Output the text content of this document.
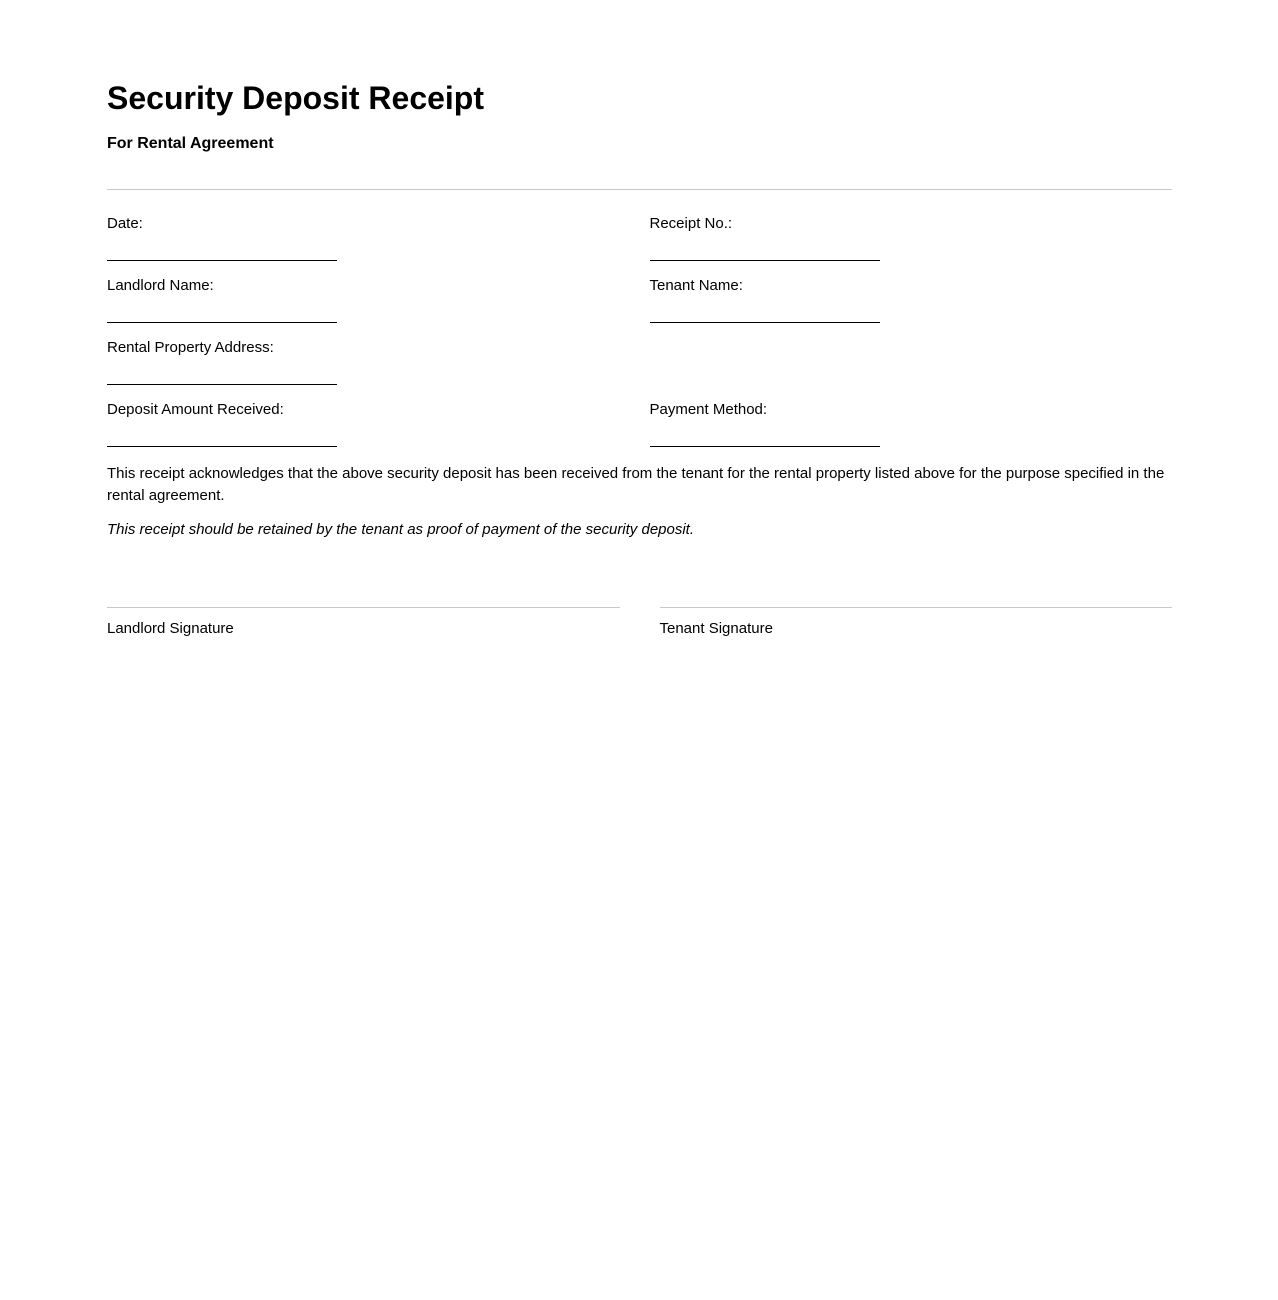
Security Deposit Receipt
For Rental Agreement
Date:	Receipt No.:
Landlord Name:	Tenant Name:
Rental Property Address:
Deposit Amount Received:	Payment Method:

This receipt acknowledges that the above security deposit has been received from the tenant for the rental property listed above for the purpose specified in the rental agreement.

This receipt should be retained by the tenant as proof of payment of the security deposit.

Landlord Signature	Tenant Signature
